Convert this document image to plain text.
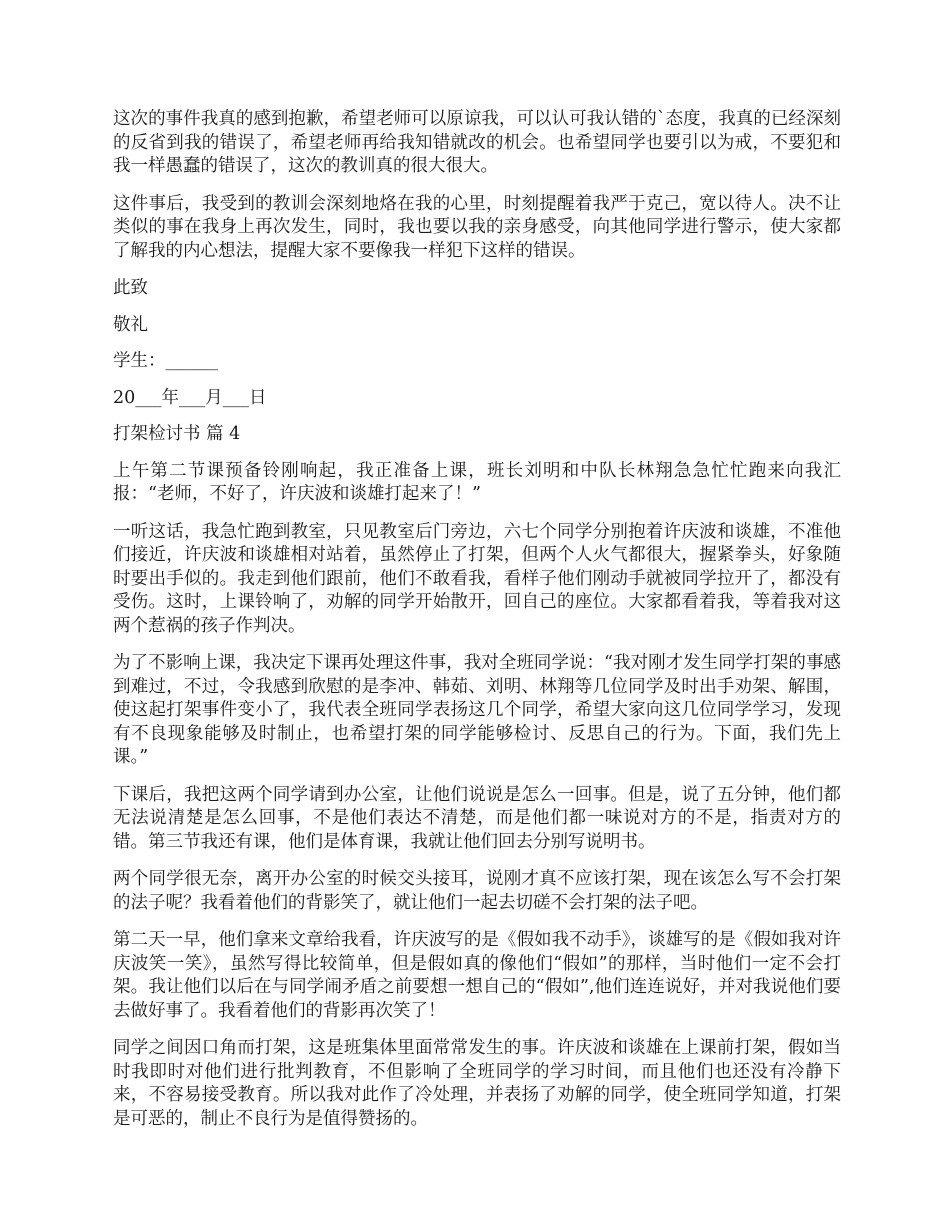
这次的事件我真的感到抱歉，希望老师可以原谅我，可以认可我认错的`态度，我真的已经深刻的反省到我的错误了，希望老师再给我知错就改的机会。也希望同学也要引以为戒，不要犯和我一样愚蠢的错误了，这次的教训真的很大很大。

这件事后，我受到的教训会深刻地烙在我的心里，时刻提醒着我严于克己，宽以待人。决不让类似的事在我身上再次发生，同时，我也要以我的亲身感受，向其他同学进行警示，使大家都了解我的内心想法，提醒大家不要像我一样犯下这样的错误。

此致

敬礼

学生：______

20___年___月___日

打架检讨书 篇 4

上午第二节课预备铃刚响起，我正准备上课，班长刘明和中队长林翔急急忙忙跑来向我汇报：“老师，不好了，许庆波和谈雄打起来了！”

一听这话，我急忙跑到教室，只见教室后门旁边，六七个同学分别抱着许庆波和谈雄，不准他们接近，许庆波和谈雄相对站着，虽然停止了打架，但两个人火气都很大，握紧拳头，好象随时要出手似的。我走到他们跟前，他们不敢看我，看样子他们刚动手就被同学拉开了，都没有受伤。这时，上课铃响了，劝解的同学开始散开，回自己的座位。大家都看着我，等着我对这两个惹祸的孩子作判决。

为了不影响上课，我决定下课再处理这件事，我对全班同学说：“我对刚才发生同学打架的事感到难过，不过，令我感到欣慰的是李冲、韩茹、刘明、林翔等几位同学及时出手劝架、解围，使这起打架事件变小了，我代表全班同学表扬这几个同学，希望大家向这几位同学学习，发现有不良现象能够及时制止，也希望打架的同学能够检讨、反思自己的行为。下面，我们先上课。”

下课后，我把这两个同学请到办公室，让他们说说是怎么一回事。但是，说了五分钟，他们都无法说清楚是怎么回事，不是他们表达不清楚，而是他们都一味说对方的不是，指责对方的错。第三节我还有课，他们是体育课，我就让他们回去分别写说明书。

两个同学很无奈，离开办公室的时候交头接耳，说刚才真不应该打架，现在该怎么写不会打架的法子呢？我看着他们的背影笑了，就让他们一起去切磋不会打架的法子吧。

第二天一早，他们拿来文章给我看，许庆波写的是《假如我不动手》，谈雄写的是《假如我对许庆波笑一笑》，虽然写得比较简单，但是假如真的像他们“假如”的那样，当时他们一定不会打架。我让他们以后在与同学闹矛盾之前要想一想自己的“假如”,他们连连说好，并对我说他们要去做好事了。我看着他们的背影再次笑了！

同学之间因口角而打架，这是班集体里面常常发生的事。许庆波和谈雄在上课前打架，假如当时我即时对他们进行批判教育，不但影响了全班同学的学习时间，而且他们也还没有冷静下来，不容易接受教育。所以我对此作了冷处理，并表扬了劝解的同学，使全班同学知道，打架是可恶的，制止不良行为是值得赞扬的。
